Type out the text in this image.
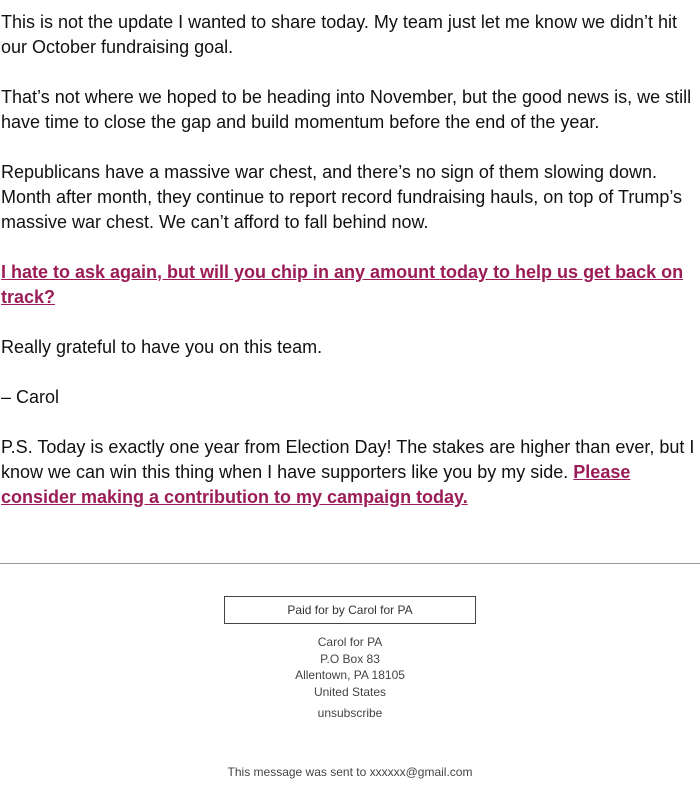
This is not the update I wanted to share today. My team just let me know we didn’t hit our October fundraising goal.

That’s not where we hoped to be heading into November, but the good news is, we still have time to close the gap and build momentum before the end of the year.

Republicans have a massive war chest, and there’s no sign of them slowing down. Month after month, they continue to report record fundraising hauls, on top of Trump’s massive war chest. We can’t afford to fall behind now.

I hate to ask again, but will you chip in any amount today to help us get back on track?

Really grateful to have you on this team.

– Carol

P.S. Today is exactly one year from Election Day! The stakes are higher than ever, but I know we can win this thing when I have supporters like you by my side. Please consider making a contribution to my campaign today.

Paid for by Carol for PA
Carol for PA
P.O Box 83
Allentown, PA 18105
United States
unsubscribe
This message was sent to xxxxxx@gmail.com
